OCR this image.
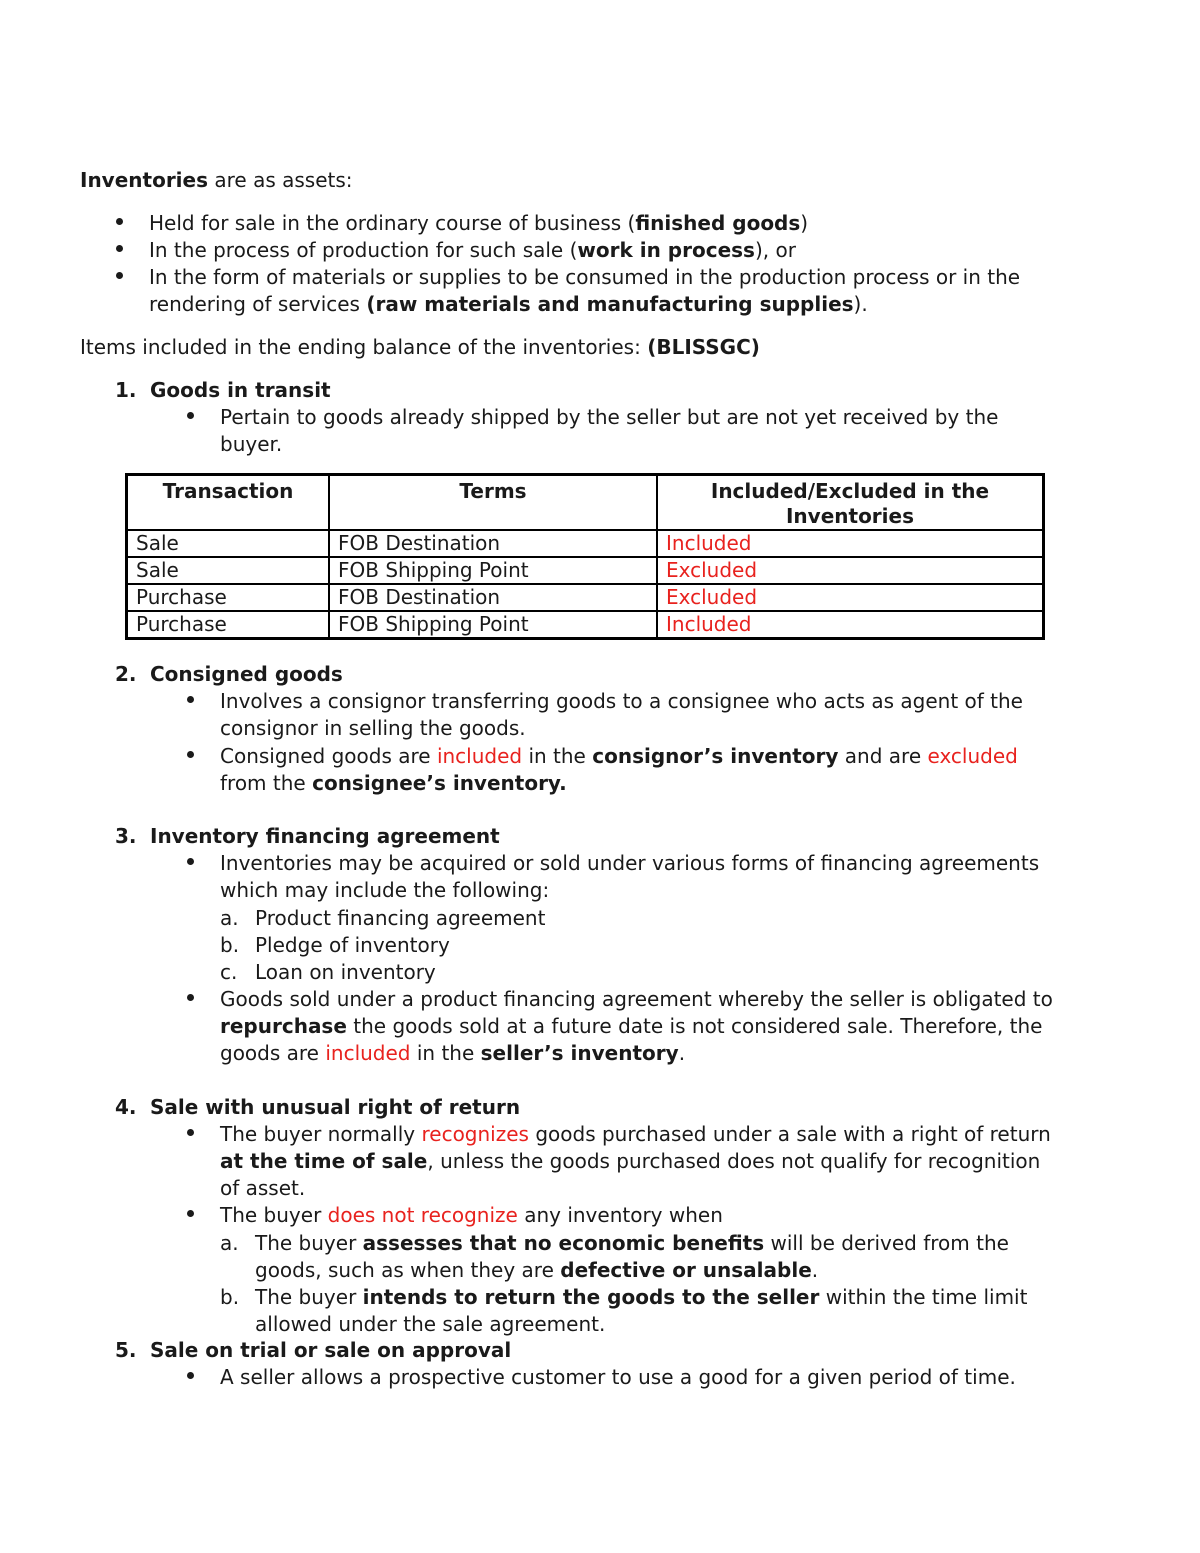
Inventories are as assets:
Held for sale in the ordinary course of business (finished goods)
In the process of production for such sale (work in process), or
In the form of materials or supplies to be consumed in the production process or in the
rendering of services (raw materials and manufacturing supplies).
Items included in the ending balance of the inventories: (BLISSGC)
1. Goods in transit
Pertain to goods already shipped by the seller but are not yet received by the
buyer.
Transaction	Terms	Included/Excluded in the Inventories
Sale	FOB Destination	Included
Sale	FOB Shipping Point	Excluded
Purchase	FOB Destination	Excluded
Purchase	FOB Shipping Point	Included
2. Consigned goods
Involves a consignor transferring goods to a consignee who acts as agent of the
consignor in selling the goods.
Consigned goods are included in the consignor’s inventory and are excluded
from the consignee’s inventory.
3. Inventory financing agreement
Inventories may be acquired or sold under various forms of financing agreements
which may include the following:
a. Product financing agreement
b. Pledge of inventory
c. Loan on inventory
Goods sold under a product financing agreement whereby the seller is obligated to
repurchase the goods sold at a future date is not considered sale. Therefore, the
goods are included in the seller’s inventory.
4. Sale with unusual right of return
The buyer normally recognizes goods purchased under a sale with a right of return
at the time of sale, unless the goods purchased does not qualify for recognition
of asset.
The buyer does not recognize any inventory when
a. The buyer assesses that no economic benefits will be derived from the
goods, such as when they are defective or unsalable.
b. The buyer intends to return the goods to the seller within the time limit
allowed under the sale agreement.
5. Sale on trial or sale on approval
A seller allows a prospective customer to use a good for a given period of time.
